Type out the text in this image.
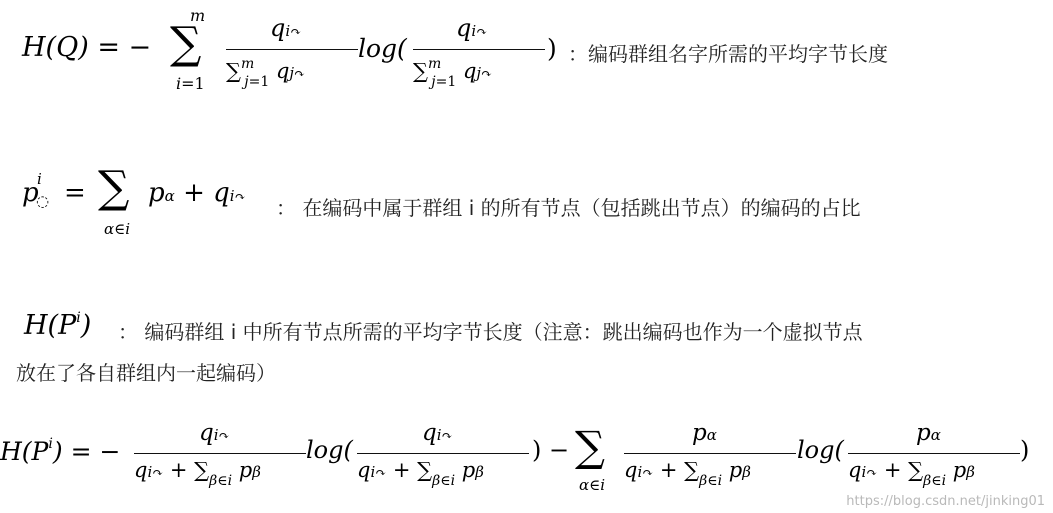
H(Q) = − ∑
m
i=1
qi↷
∑$^m_{j=1}$ qj↷
log(
qi↷
∑$^m_{j=1}$ qj↷
) ：编码群组名字所需的平均字节长度
p
i
◌ = ∑
α∈i
pα + qi↷ ： 在编码中属于群组 i 的所有节点（包括跳出节点）的编码的占比
$H(P^i)$ ： 编码群组 i 中所有节点所需的平均字节长度（注意：跳出编码也作为一个虚拟节点
放在了各自群组内一起编码）
$H(P^i)$ = −
qi↷
qi↷ + $\sum_{\beta\in i}$ pβ
log(
qi↷
qi↷ + $\sum_{\beta\in i}$ pβ
) − ∑
α∈i
pα
qi↷ + $\sum_{\beta\in i}$ pβ
log(
pα
qi↷ + $\sum_{\beta\in i}$ pβ
)
https://blog.csdn.net/jinking01
